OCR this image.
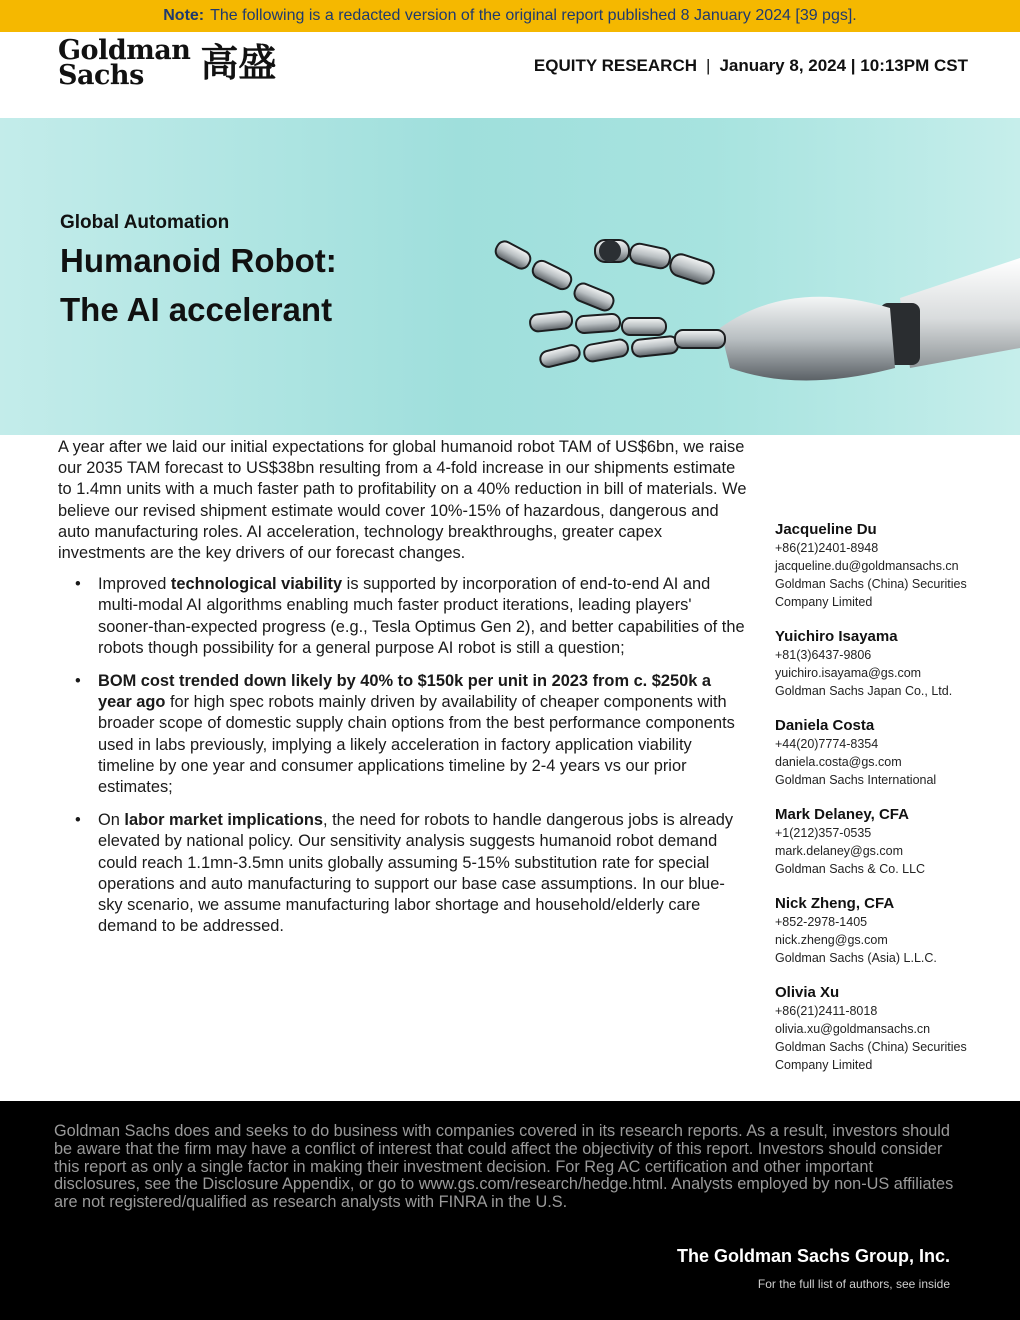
Note: The following is a redacted version of the original report published 8 January 2024 [39 pgs].
Goldman
Sachs	高盛	EQUITY RESEARCH | January 8, 2024 | 10:13PM CST
Global Automation
Humanoid Robot:
The AI accelerant

A year after we laid our initial expectations for global humanoid robot TAM of US$6bn, we raise our 2035 TAM forecast to US$38bn resulting from a 4-fold increase in our shipments estimate to 1.4mn units with a much faster path to profitability on a 40% reduction in bill of materials. We believe our revised shipment estimate would cover 10%-15% of hazardous, dangerous and auto manufacturing roles. AI acceleration, technology breakthroughs, greater capex investments are the key drivers of our forecast changes.

• Improved technological viability is supported by incorporation of end-to-end AI and multi-modal AI algorithms enabling much faster product iterations, leading players' sooner-than-expected progress (e.g., Tesla Optimus Gen 2), and better capabilities of the robots though possibility for a general purpose AI robot is still a question;
• BOM cost trended down likely by 40% to $150k per unit in 2023 from c. $250k a year ago for high spec robots mainly driven by availability of cheaper components with broader scope of domestic supply chain options from the best performance components used in labs previously, implying a likely acceleration in factory application viability timeline by one year and consumer applications timeline by 2-4 years vs our prior estimates;
• On labor market implications, the need for robots to handle dangerous jobs is already elevated by national policy. Our sensitivity analysis suggests humanoid robot demand could reach 1.1mn-3.5mn units globally assuming 5-15% substitution rate for special operations and auto manufacturing to support our base case assumptions. In our blue-sky scenario, we assume manufacturing labor shortage and household/elderly care demand to be addressed.
Jacqueline Du
+86(21)2401-8948
jacqueline.du@goldmansachs.cn
Goldman Sachs (China) Securities Company Limited
Yuichiro Isayama
+81(3)6437-9806
yuichiro.isayama@gs.com
Goldman Sachs Japan Co., Ltd.
Daniela Costa
+44(20)7774-8354
daniela.costa@gs.com
Goldman Sachs International
Mark Delaney, CFA
+1(212)357-0535
mark.delaney@gs.com
Goldman Sachs & Co. LLC
Nick Zheng, CFA
+852-2978-1405
nick.zheng@gs.com
Goldman Sachs (Asia) L.L.C.
Olivia Xu
+86(21)2411-8018
olivia.xu@goldmansachs.cn
Goldman Sachs (China) Securities Company Limited
Goldman Sachs does and seeks to do business with companies covered in its research reports. As a result, investors should be aware that the firm may have a conflict of interest that could affect the objectivity of this report. Investors should consider this report as only a single factor in making their investment decision. For Reg AC certification and other important disclosures, see the Disclosure Appendix, or go to www.gs.com/research/hedge.html. Analysts employed by non-US affiliates are not registered/qualified as research analysts with FINRA in the U.S.
The Goldman Sachs Group, Inc.
For the full list of authors, see inside
